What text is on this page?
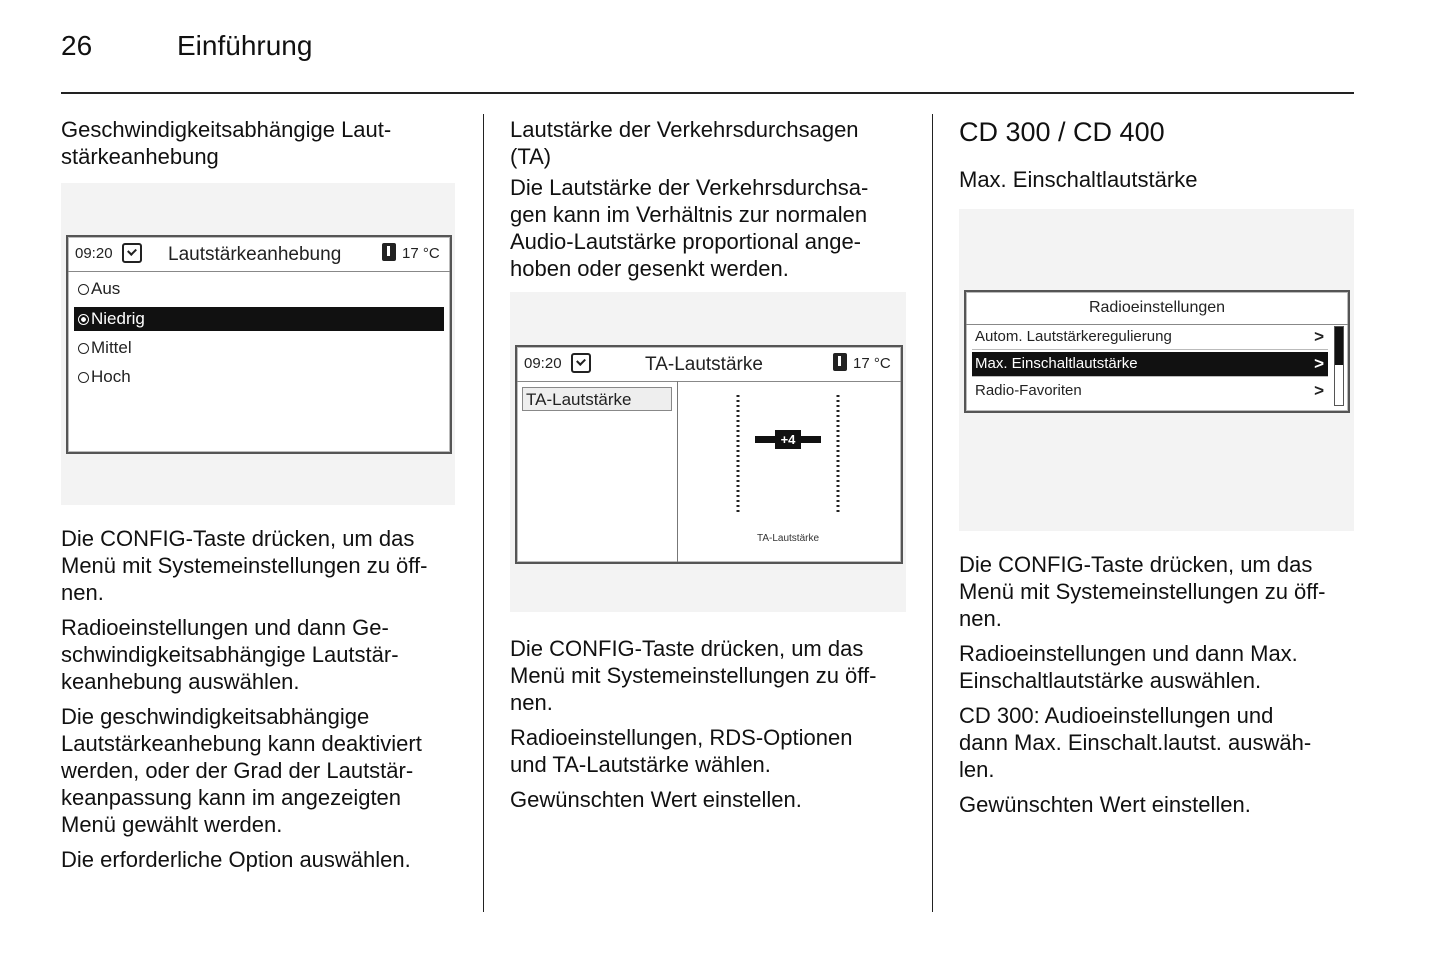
26	Einführung
Geschwindigkeitsabhängige Laut-
stärkeanhebung
09:20	Lautstärkeanhebung	17 °C
Aus
Niedrig
Mittel
Hoch
Die CONFIG-Taste drücken, um das
Menü mit Systemeinstellungen zu öff-
nen.
Radioeinstellungen und dann Ge-
schwindigkeitsabhängige Lautstär-
keanhebung auswählen.
Die geschwindigkeitsabhängige
Lautstärkeanhebung kann deaktiviert
werden, oder der Grad der Lautstär-
keanpassung kann im angezeigten
Menü gewählt werden.
Die erforderliche Option auswählen.
Lautstärke der Verkehrsdurchsagen
(TA)
Die Lautstärke der Verkehrsdurchsa-
gen kann im Verhältnis zur normalen
Audio-Lautstärke proportional ange-
hoben oder gesenkt werden.
09:20	TA-Lautstärke	17 °C
TA-Lautstärke
+4
TA-Lautstärke
Die CONFIG-Taste drücken, um das
Menü mit Systemeinstellungen zu öff-
nen.
Radioeinstellungen, RDS-Optionen
und TA-Lautstärke wählen.
Gewünschten Wert einstellen.
CD 300 / CD 400
Max. Einschaltlautstärke
Radioeinstellungen
Autom. Lautstärkeregulierung	>
Max. Einschaltlautstärke	>
Radio-Favoriten	>
Die CONFIG-Taste drücken, um das
Menü mit Systemeinstellungen zu öff-
nen.
Radioeinstellungen und dann Max.
Einschaltlautstärke auswählen.
CD 300: Audioeinstellungen und
dann Max. Einschalt.lautst. auswäh-
len.
Gewünschten Wert einstellen.
